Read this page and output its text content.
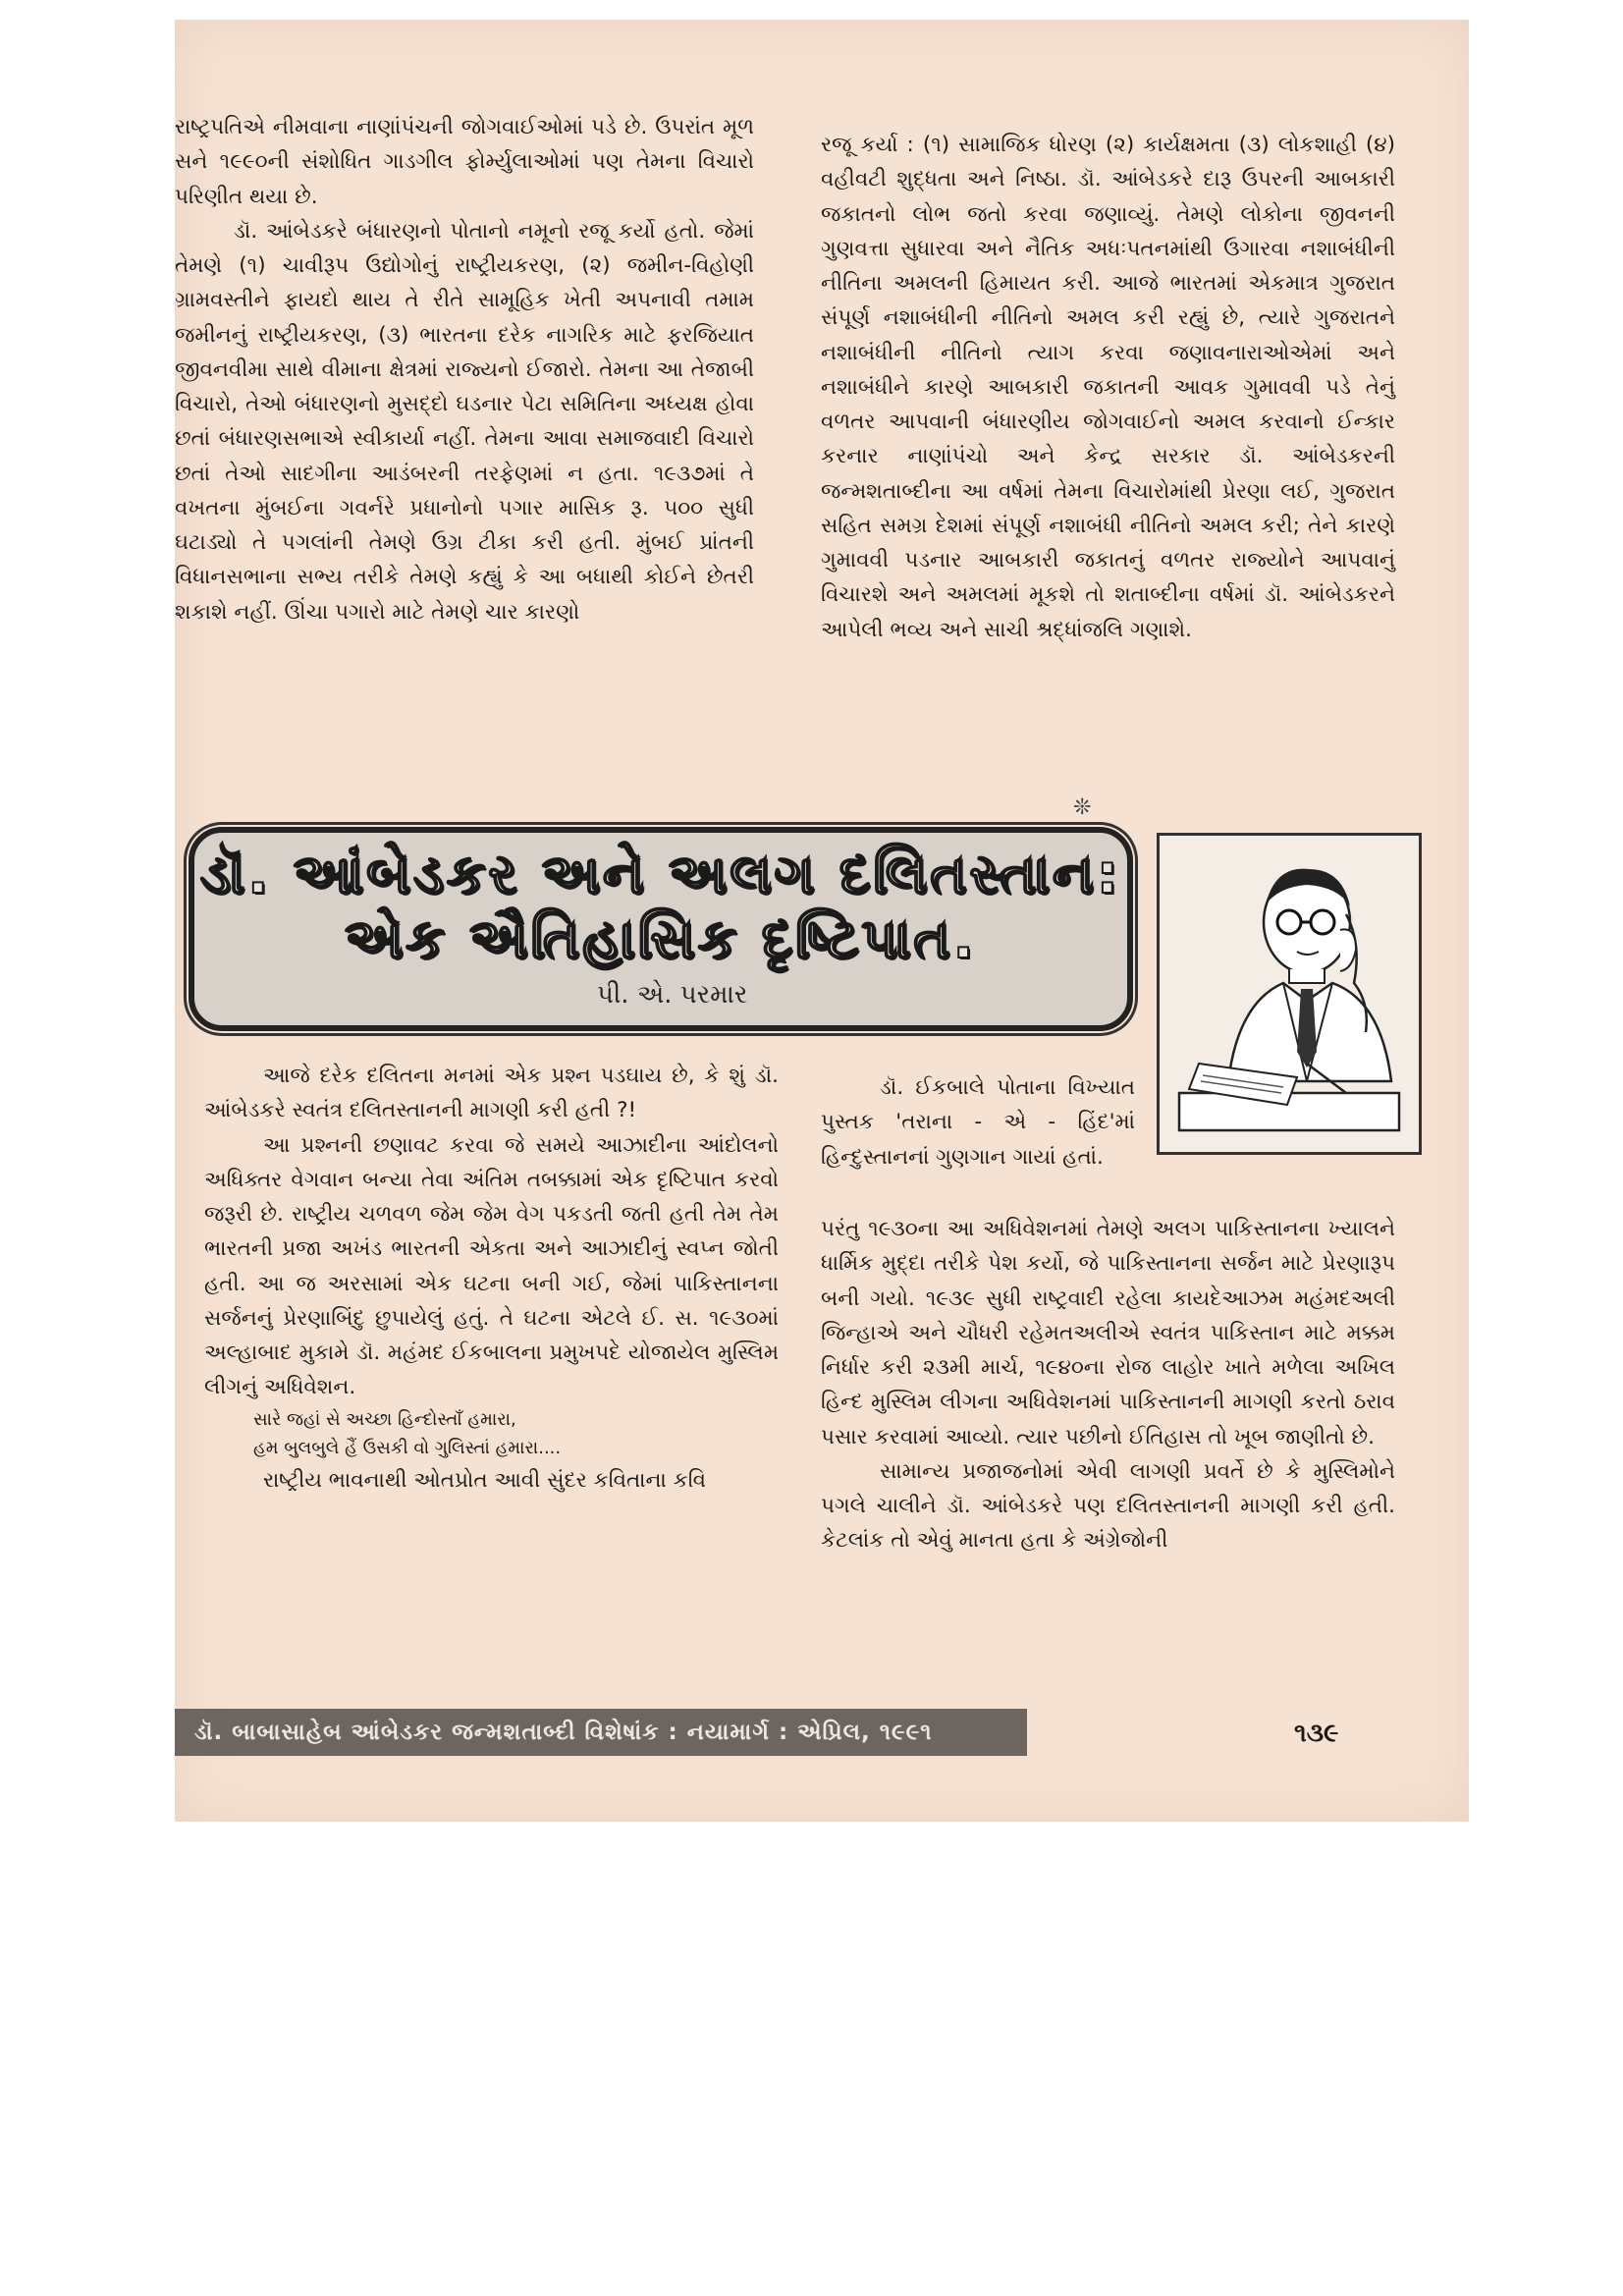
રાષ્ટ્રપતિએ નીમવાના નાણાંપંચની જોગવાઈઓમાં પડે છે. ઉપરાંત મૂળ સને ૧૯૯૦ની સંશોધિત ગાડગીલ ફોર્મ્યુલાઓમાં પણ તેમના વિચારો પરિણીત થયા છે.

ડૉ. આંબેડકરે બંધારણનો પોતાનો નમૂનો રજૂ કર્યો હતો. જેમાં તેમણે (૧) ચાવીરૂપ ઉદ્યોગોનું રાષ્ટ્રીયકરણ, (૨) જમીન-વિહોણી ગ્રામવસ્તીને ફાયદો થાય તે રીતે સામૂહિક ખેતી અપનાવી તમામ જમીનનું રાષ્ટ્રીયકરણ, (૩) ભારતના દરેક નાગરિક માટે ફરજિયાત જીવનવીમા સાથે વીમાના ક્ષેત્રમાં રાજ્યનો ઈજારો. તેમના આ તેજાબી વિચારો, તેઓ બંધારણનો મુસદ્દો ઘડનાર પેટા સમિતિના અધ્યક્ષ હોવા છતાં બંધારણસભાએ સ્વીકાર્યા નહીં. તેમના આવા સમાજવાદી વિચારો છતાં તેઓ સાદગીના આડંબરની તરફેણમાં ન હતા. ૧૯૩૭માં તે વખતના મુંબઈના ગવર્નરે પ્રધાનોનો પગાર માસિક રૂ. ૫૦૦ સુધી ઘટાડ્યો તે પગલાંની તેમણે ઉગ્ર ટીકા કરી હતી. મુંબઈ પ્રાંતની વિધાનસભાના સભ્ય તરીકે તેમણે કહ્યું કે આ બધાથી કોઈને છેતરી શકાશે નહીં. ઊંચા પગારો માટે તેમણે ચાર કારણો

રજૂ કર્યા : (૧) સામાજિક ધોરણ (૨) કાર્યક્ષમતા (૩) લોકશાહી (૪) વહીવટી શુદ્ધતા અને નિષ્ઠા. ડૉ. આંબેડકરે દારૂ ઉપરની આબકારી જકાતનો લોભ જતો કરવા જણાવ્યું. તેમણે લોકોના જીવનની ગુણવત્તા સુધારવા અને નૈતિક અધઃપતનમાંથી ઉગારવા નશાબંધીની નીતિના અમલની હિમાયત કરી. આજે ભારતમાં એકમાત્ર ગુજરાત સંપૂર્ણ નશાબંધીની નીતિનો અમલ કરી રહ્યું છે, ત્યારે ગુજરાતને નશાબંધીની નીતિનો ત્યાગ કરવા જણાવનારાઓએમાં અને નશાબંધીને કારણે આબકારી જકાતની આવક ગુમાવવી પડે તેનું વળતર આપવાની બંધારણીય જોગવાઈનો અમલ કરવાનો ઈન્કાર કરનાર નાણાંપંચો અને કેન્દ્ર સરકાર ડૉ. આંબેડકરની જન્મશતાબ્દીના આ વર્ષમાં તેમના વિચારોમાંથી પ્રેરણા લઈ, ગુજરાત સહિત સમગ્ર દેશમાં સંપૂર્ણ નશાબંધી નીતિનો અમલ કરી; તેને કારણે ગુમાવવી પડનાર આબકારી જકાતનું વળતર રાજ્યોને આપવાનું વિચારશે અને અમલમાં મૂકશે તો શતાબ્દીના વર્ષમાં ડૉ. આંબેડકરને આપેલી ભવ્ય અને સાચી શ્રદ્ધાંજલિ ગણાશે.

❊
ડૉ. આંબેડકર અને અલગ દલિતસ્તાન:
એક ઐતિહાસિક દૃષ્ટિપાત.
પી. એ. પરમાર

આજે દરેક દલિતના મનમાં એક પ્રશ્ન પડઘાય છે, કે શું ડૉ. આંબેડકરે સ્વતંત્ર દલિતસ્તાનની માગણી કરી હતી ?!

આ પ્રશ્નની છણાવટ કરવા જે સમયે આઝાદીના આંદોલનો અધિક્તર વેગવાન બન્યા તેવા અંતિમ તબક્કામાં એક દૃષ્ટિપાત કરવો જરૂરી છે. રાષ્ટ્રીય ચળવળ જેમ જેમ વેગ પકડતી જતી હતી તેમ તેમ ભારતની પ્રજા અખંડ ભારતની એકતા અને આઝાદીનું સ્વપ્ન જોતી હતી. આ જ અરસામાં એક ઘટના બની ગઈ, જેમાં પાકિસ્તાનના સર્જનનું પ્રેરણાબિંદુ છુપાયેલું હતું. તે ઘટના એટલે ઈ. સ. ૧૯૩૦માં અલ્હાબાદ મુકામે ડૉ. મહંમદ ઈકબાલના પ્રમુખપદે યોજાયેલ મુસ્લિમ લીગનું અધિવેશન.

સારે જહાં સે અચ્છા હિન્દોસ્તાઁ હમારા,

હમ બુલબુલે હૈં ઉસકી વો ગુલિસ્તાં હમારા....

રાષ્ટ્રીય ભાવનાથી ઓતપ્રોત આવી સુંદર કવિતાના કવિ

ડૉ. ઈકબાલે પોતાના વિખ્યાત પુસ્તક 'તરાના - એ - હિંદ'માં હિન્દુસ્તાનનાં ગુણગાન ગાયાં હતાં.

પરંતુ ૧૯૩૦ના આ અધિવેશનમાં તેમણે અલગ પાકિસ્તાનના ખ્યાલને ધાર્મિક મુદ્દા તરીકે પેશ કર્યો, જે પાકિસ્તાનના સર્જન માટે પ્રેરણારૂપ બની ગયો. ૧૯૩૯ સુધી રાષ્ટ્રવાદી રહેલા કાયદેઆઝમ મહંમદઅલી જિન્હાએ અને ચૌધરી રહેમતઅલીએ સ્વતંત્ર પાકિસ્તાન માટે મક્કમ નિર્ધાર કરી ૨૩મી માર્ચ, ૧૯૪૦ના રોજ લાહોર ખાતે મળેલા અખિલ હિન્દ મુસ્લિમ લીગના અધિવેશનમાં પાકિસ્તાનની માગણી કરતો ઠરાવ પસાર કરવામાં આવ્યો. ત્યાર પછીનો ઈતિહાસ તો ખૂબ જાણીતો છે.

સામાન્ય પ્રજાજનોમાં એવી લાગણી પ્રવર્તે છે કે મુસ્લિમોને પગલે ચાલીને ડૉ. આંબેડકરે પણ દલિતસ્તાનની માગણી કરી હતી. કેટલાંક તો એવું માનતા હતા કે અંગ્રેજોની

ડૉ. બાબાસાહેબ આંબેડકર જન્મશતાબ્દી વિશેષાંક : નયામાર્ગ : એપ્રિલ, ૧૯૯૧	૧૩૯
